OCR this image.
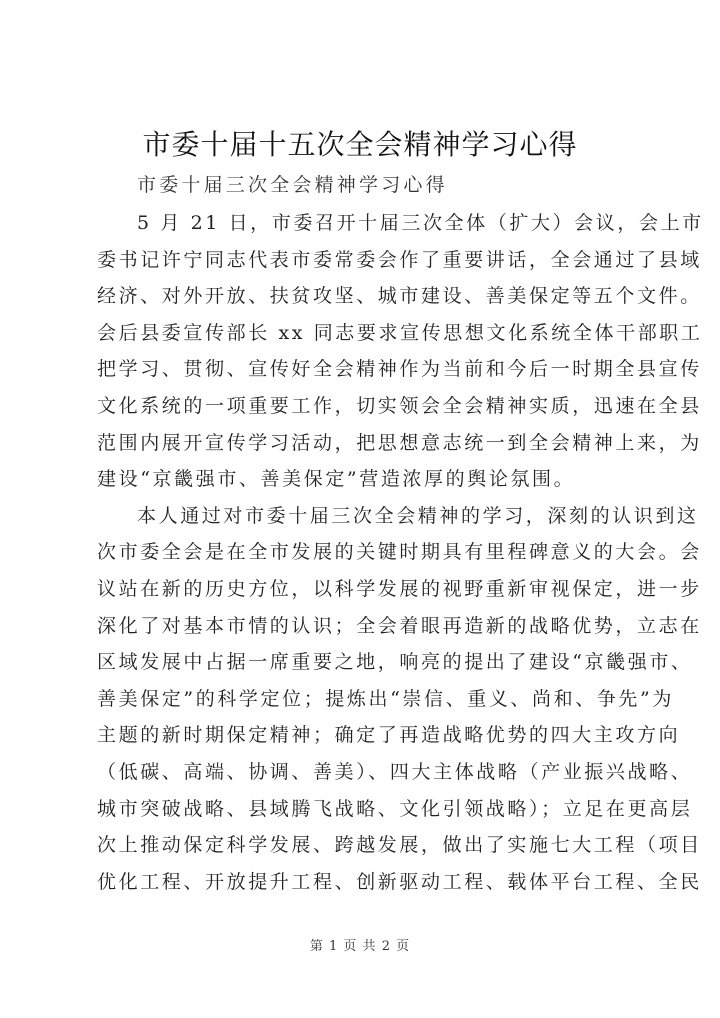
市委十届十五次全会精神学习心得

市委十届三次全会精神学习心得

5 月 21 日，市委召开十届三次全体（扩大）会议，会上市
委书记许宁同志代表市委常委会作了重要讲话，全会通过了县域
经济、对外开放、扶贫攻坚、城市建设、善美保定等五个文件。
会后县委宣传部长 xx 同志要求宣传思想文化系统全体干部职工
把学习、贯彻、宣传好全会精神作为当前和今后一时期全县宣传
文化系统的一项重要工作，切实领会全会精神实质，迅速在全县
范围内展开宣传学习活动，把思想意志统一到全会精神上来，为
建设“京畿强市、善美保定”营造浓厚的舆论氛围。
本人通过对市委十届三次全会精神的学习，深刻的认识到这
次市委全会是在全市发展的关键时期具有里程碑意义的大会。会
议站在新的历史方位，以科学发展的视野重新审视保定，进一步
深化了对基本市情的认识；全会着眼再造新的战略优势，立志在
区域发展中占据一席重要之地，响亮的提出了建设“京畿强市、
善美保定”的科学定位；提炼出“崇信、重义、尚和、争先”为
主题的新时期保定精神；确定了再造战略优势的四大主攻方向
（低碳、高端、协调、善美）、四大主体战略（产业振兴战略、
城市突破战略、县域腾飞战略、文化引领战略）；立足在更高层
次上推动保定科学发展、跨越发展，做出了实施七大工程（项目
优化工程、开放提升工程、创新驱动工程、载体平台工程、全民
第 1 页 共 2 页
